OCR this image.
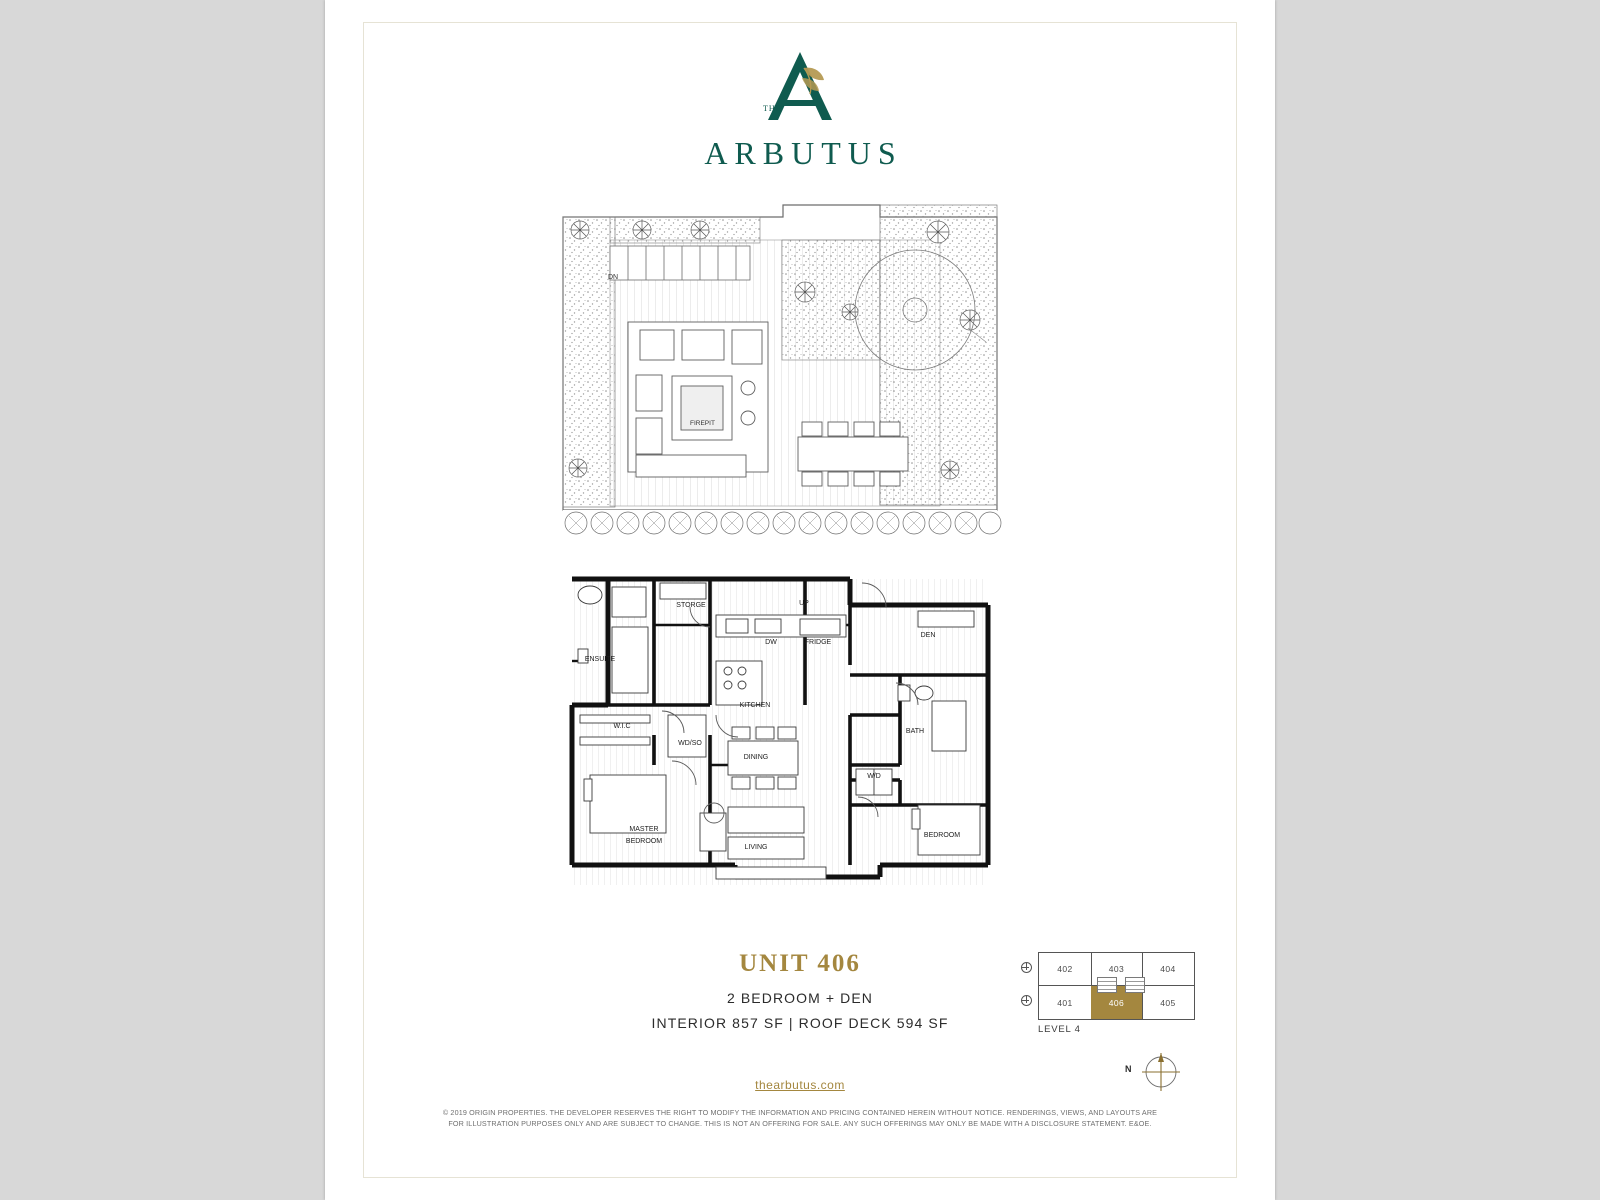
THE
ARBUTUS
DN
FIREPIT
ENSUITE
STORGE	UP
DEN
DW	FRIDGE
KITCHEN
BATH
W.I.C
WD/SO
DINING
W/D
MASTER
BEDROOM
LIVING
BEDROOM
UNIT 406

2 BEDROOM + DEN

INTERIOR 857 SF | ROOF DECK 594 SF

402	403	404
401	406	405
LEVEL 4
N
thearbutus.com
© 2019 ORIGIN PROPERTIES. THE DEVELOPER RESERVES THE RIGHT TO MODIFY THE INFORMATION AND PRICING CONTAINED HEREIN WITHOUT NOTICE. RENDERINGS, VIEWS, AND LAYOUTS ARE FOR ILLUSTRATION PURPOSES ONLY AND ARE SUBJECT TO CHANGE. THIS IS NOT AN OFFERING FOR SALE. ANY SUCH OFFERINGS MAY ONLY BE MADE WITH A DISCLOSURE STATEMENT. E&OE.
